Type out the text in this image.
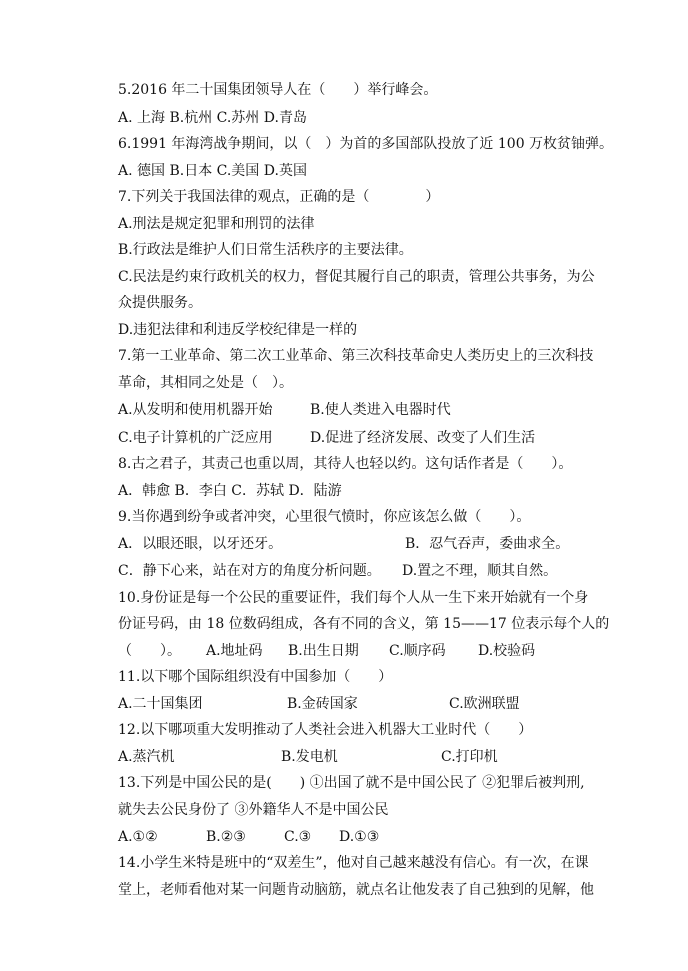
5.2016 年二十国集团领导人在（　　）举行峰会。
A. 上海 B.杭州 C.苏州 D.青岛
6.1991 年海湾战争期间，以（　）为首的多国部队投放了近 100 万枚贫铀弹。
A. 德国 B.日本 C.美国 D.英国
7.下列关于我国法律的观点，正确的是（　　　　）
A.刑法是规定犯罪和刑罚的法律
B.行政法是维护人们日常生活秩序的主要法律。
C.民法是约束行政机关的权力，督促其履行自己的职责，管理公共事务，为公
众提供服务。
D.违犯法律和利违反学校纪律是一样的
7.第一工业革命、第二次工业革命、第三次科技革命史人类历史上的三次科技
革命，其相同之处是（　）。
A.从发明和使用机器开始	B.使人类进入电器时代
C.电子计算机的广泛应用	D.促进了经济发展、改变了人们生活
8.古之君子，其责己也重以周，其待人也轻以约。这句话作者是（　　）。
A．韩愈 B．李白 C．苏轼 D．陆游
9.当你遇到纷争或者冲突，心里很气愤时，你应该怎么做（　　）。
A．以眼还眼，以牙还牙。	B．忍气吞声，委曲求全。
C．静下心来，站在对方的角度分析问题。 D.置之不理，顺其自然。
10.身份证是每一个公民的重要证件，我们每个人从一生下来开始就有一个身
份证号码，由 18 位数码组成，各有不同的含义，第 15——17 位表示每个人的
（　　）。 A.地址码 B.出生日期 C.顺序码 D.校验码
11.以下哪个国际组织没有中国参加（　　）
A.二十国集团	B.金砖国家	C.欧洲联盟
12.以下哪项重大发明推动了人类社会进入机器大工业时代（　　）
A.蒸汽机	B.发电机	C.打印机
13.下列是中国公民的是(　　) ①出国了就不是中国公民了 ②犯罪后被判刑,
就失去公民身份了 ③外籍华人不是中国公民
A.①②	B.②③	C.③ D.①③
14.小学生米特是班中的“双差生”，他对自己越来越没有信心。有一次，在课
堂上，老师看他对某一问题肯动脑筋，就点名让他发表了自己独到的见解，他
